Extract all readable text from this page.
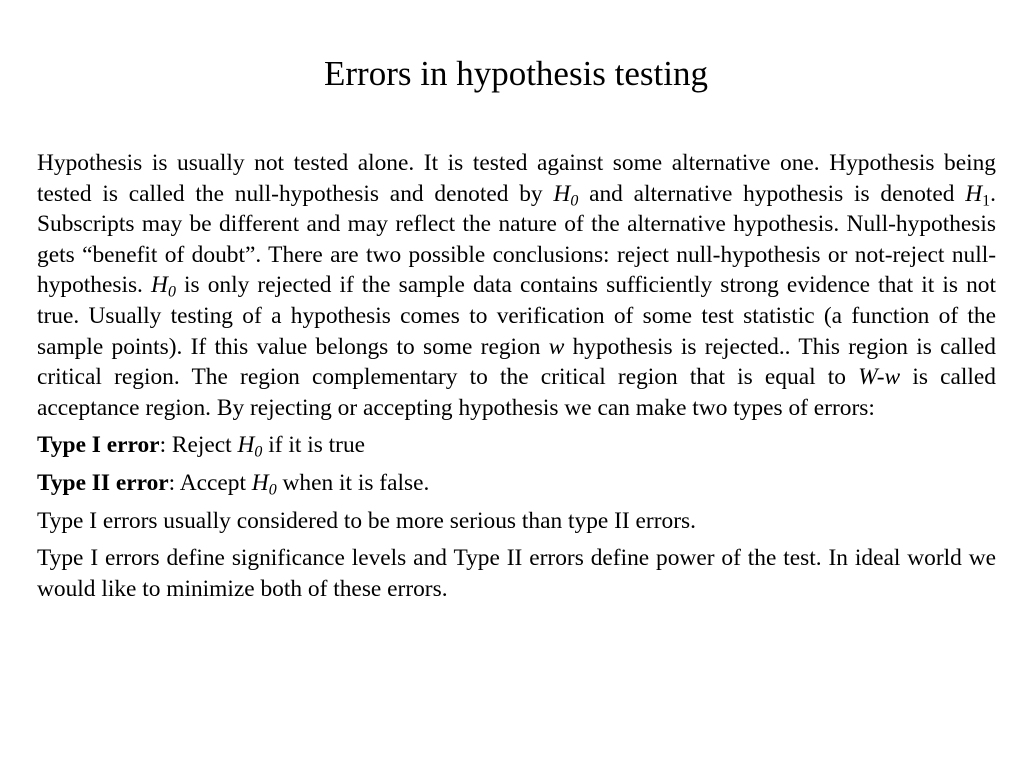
Errors in hypothesis testing

Hypothesis is usually not tested alone. It is tested against some alternative one. Hypothesis being tested is called the null-hypothesis and denoted by $H_0$ and alternative hypothesis is denoted $H_1$. Subscripts may be different and may reflect the nature of the alternative hypothesis. Null-hypothesis gets “benefit of doubt”. There are two possible conclusions: reject null-hypothesis or not-reject null-hypothesis. $H_0$ is only rejected if the sample data contains sufficiently strong evidence that it is not true. Usually testing of a hypothesis comes to verification of some test statistic (a function of the sample points). If this value belongs to some region w hypothesis is rejected.. This region is called critical region. The region complementary to the critical region that is equal to W-w is called acceptance region. By rejecting or accepting hypothesis we can make two types of errors:

Type I error: Reject $H_0$ if it is true

Type II error: Accept $H_0$ when it is false.

Type I errors usually considered to be more serious than type II errors.

Type I errors define significance levels and Type II errors define power of the test. In ideal world we would like to minimize both of these errors.
